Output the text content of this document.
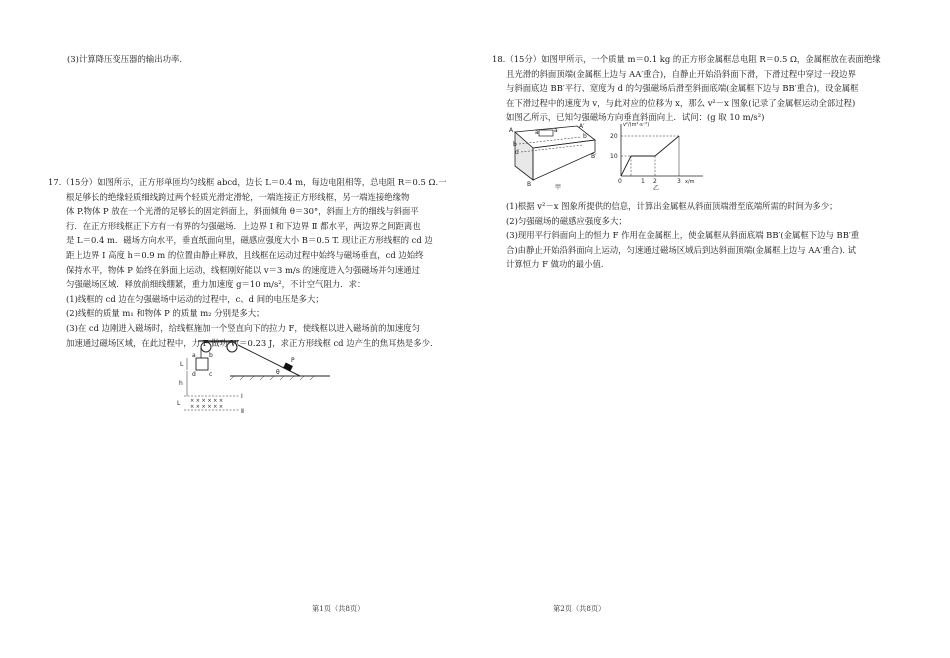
(3)计算降压变压器的输出功率.

17.（15分）如图所示，正方形单匝均匀线框 abcd，边长 L＝0.4 m，每边电阻相等，总电阻 R＝0.5 Ω.一

根足够长的绝缘轻质细线跨过两个轻质光滑定滑轮，一端连接正方形线框，另一端连接绝缘物

体 P.物体 P 放在一个光滑的足够长的固定斜面上，斜面倾角 θ＝30°，斜面上方的细线与斜面平

行．在正方形线框正下方有一有界的匀强磁场．上边界 Ⅰ 和下边界 Ⅱ 都水平，两边界之间距离也

是 L＝0.4 m．磁场方向水平，垂直纸面向里，磁感应强度大小 B＝0.5 T. 现让正方形线框的 cd 边

距上边界 Ⅰ 高度 h＝0.9 m 的位置由静止释放，且线框在运动过程中始终与磁场垂直，cd 边始终

保持水平，物体 P 始终在斜面上运动，线框刚好能以 v＝3 m/s 的速度进入匀强磁场并匀速通过

匀强磁场区域．释放前细线绷紧，重力加速度 g＝10 m/s²，不计空气阻力．求：

(1)线框的 cd 边在匀强磁场中运动的过程中，c、d 间的电压是多大；

(2)线框的质量 m₁ 和物体 P 的质量 m₂ 分别是多大；

(3)在 cd 边刚进入磁场时，给线框施加一个竖直向下的拉力 F，使线框以进入磁场前的加速度匀

加速通过磁场区域，在此过程中，力 F 做功 W＝0.23 J，求正方形线框 cd 边产生的焦耳热是多少.

a b
d c
L
h
P
θ
Ⅰ
Ⅱ
× × × × × ×
× × × × × ×
L
第1页（共8页）

18.（15分）如图甲所示，一个质量 m＝0.1 kg 的正方形金属框总电阻 R＝0.5 Ω，金属框放在表面绝缘

且光滑的斜面顶端(金属框上边与 AA′重合)，自静止开始沿斜面下滑，下滑过程中穿过一段边界

与斜面底边 BB′平行、宽度为 d 的匀强磁场后滑至斜面底端(金属框下边与 BB′重合)，设金属框

在下滑过程中的速度为 v，与此对应的位移为 x，那么 v²－x 图象(记录了金属框运动全部过程)

如图乙所示，已知匀强磁场方向垂直斜面向上．试问：(g 取 10 m/s²)

A
A′
B
B′
a	a′
b
b′
d
甲
v²/(m²·s⁻²)
20
10
0	1 2	3 x/m
乙

(1)根据 v²－x 图象所提供的信息，计算出金属框从斜面顶端滑至底端所需的时间为多少；

(2)匀强磁场的磁感应强度多大；

(3)现用平行斜面向上的恒力 F 作用在金属框上，使金属框从斜面底端 BB′(金属框下边与 BB′重

合)由静止开始沿斜面向上运动，匀速通过磁场区域后到达斜面顶端(金属框上边与 AA′重合). 试

计算恒力 F 做功的最小值.

第2页（共8页）
